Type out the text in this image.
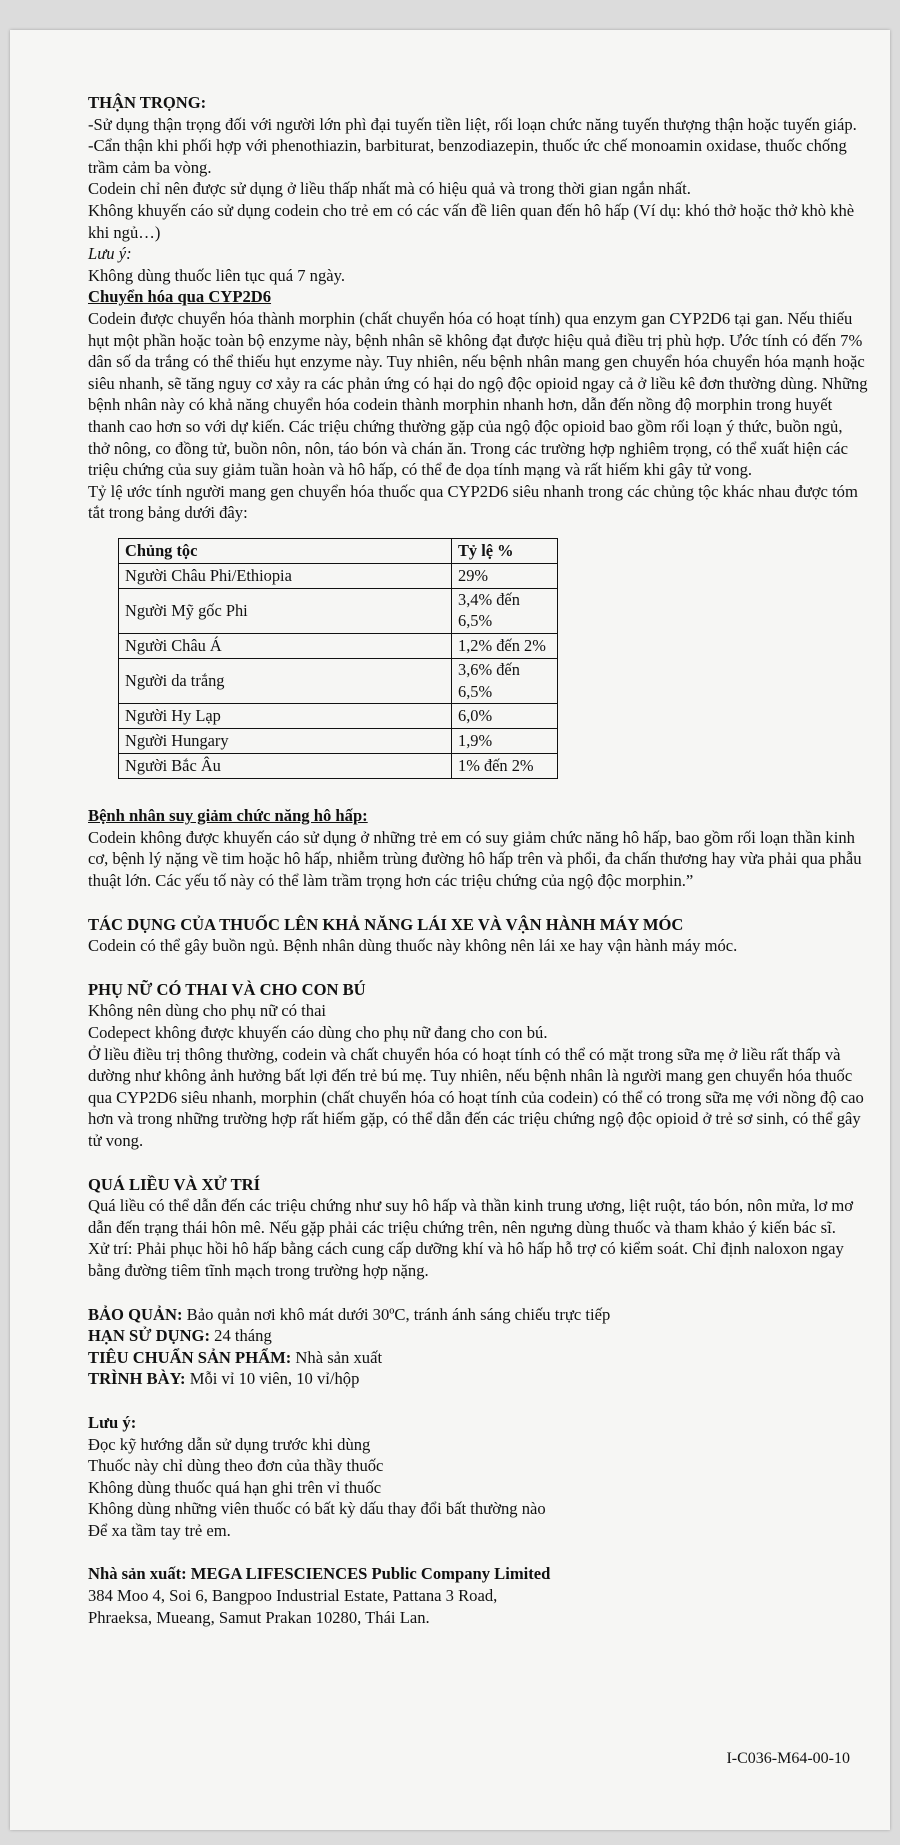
THẬN TRỌNG:
-Sử dụng thận trọng đối với người lớn phì đại tuyến tiền liệt, rối loạn chức năng tuyến thượng thận hoặc tuyến giáp.
-Cẩn thận khi phối hợp với phenothiazin, barbiturat, benzodiazepin, thuốc ức chế monoamin oxidase, thuốc chống trầm cảm ba vòng.
Codein chỉ nên được sử dụng ở liều thấp nhất mà có hiệu quả và trong thời gian ngắn nhất.
Không khuyến cáo sử dụng codein cho trẻ em có các vấn đề liên quan đến hô hấp (Ví dụ: khó thở hoặc thở khò khè khi ngủ…)
Lưu ý:
Không dùng thuốc liên tục quá 7 ngày.
Chuyển hóa qua CYP2D6
Codein được chuyển hóa thành morphin (chất chuyển hóa có hoạt tính) qua enzym gan CYP2D6 tại gan. Nếu thiếu hụt một phần hoặc toàn bộ enzyme này, bệnh nhân sẽ không đạt được hiệu quả điều trị phù hợp. Ước tính có đến 7% dân số da trắng có thể thiếu hụt enzyme này. Tuy nhiên, nếu bệnh nhân mang gen chuyển hóa chuyển hóa mạnh hoặc siêu nhanh, sẽ tăng nguy cơ xảy ra các phản ứng có hại do ngộ độc opioid ngay cả ở liều kê đơn thường dùng. Những bệnh nhân này có khả năng chuyển hóa codein thành morphin nhanh hơn, dẫn đến nồng độ morphin trong huyết thanh cao hơn so với dự kiến. Các triệu chứng thường gặp của ngộ độc opioid bao gồm rối loạn ý thức, buồn ngủ, thở nông, co đồng tử, buồn nôn, nôn, táo bón và chán ăn. Trong các trường hợp nghiêm trọng, có thể xuất hiện các triệu chứng của suy giảm tuần hoàn và hô hấp, có thể đe dọa tính mạng và rất hiếm khi gây tử vong.
Tỷ lệ ước tính người mang gen chuyển hóa thuốc qua CYP2D6 siêu nhanh trong các chủng tộc khác nhau được tóm tắt trong bảng dưới đây:
Chủng tộc	Tỷ lệ %
Người Châu Phi/Ethiopia	29%
Người Mỹ gốc Phi	3,4% đến 6,5%
Người Châu Á	1,2% đến 2%
Người da trắng	3,6% đến 6,5%
Người Hy Lạp	6,0%
Người Hungary	1,9%
Người Bắc Âu	1% đến 2%
Bệnh nhân suy giảm chức năng hô hấp:
Codein không được khuyến cáo sử dụng ở những trẻ em có suy giảm chức năng hô hấp, bao gồm rối loạn thần kinh cơ, bệnh lý nặng về tim hoặc hô hấp, nhiễm trùng đường hô hấp trên và phổi, đa chấn thương hay vừa phải qua phẫu thuật lớn. Các yếu tố này có thể làm trầm trọng hơn các triệu chứng của ngộ độc morphin.”
TÁC DỤNG CỦA THUỐC LÊN KHẢ NĂNG LÁI XE VÀ VẬN HÀNH MÁY MÓC
Codein có thể gây buồn ngủ. Bệnh nhân dùng thuốc này không nên lái xe hay vận hành máy móc.
PHỤ NỮ CÓ THAI VÀ CHO CON BÚ
Không nên dùng cho phụ nữ có thai
Codepect không được khuyến cáo dùng cho phụ nữ đang cho con bú.
Ở liều điều trị thông thường, codein và chất chuyển hóa có hoạt tính có thể có mặt trong sữa mẹ ở liều rất thấp và dường như không ảnh hưởng bất lợi đến trẻ bú mẹ. Tuy nhiên, nếu bệnh nhân là người mang gen chuyển hóa thuốc qua CYP2D6 siêu nhanh, morphin (chất chuyển hóa có hoạt tính của codein) có thể có trong sữa mẹ với nồng độ cao hơn và trong những trường hợp rất hiếm gặp, có thể dẫn đến các triệu chứng ngộ độc opioid ở trẻ sơ sinh, có thể gây tử vong.
QUÁ LIỀU VÀ XỬ TRÍ
Quá liều có thể dẫn đến các triệu chứng như suy hô hấp và thần kinh trung ương, liệt ruột, táo bón, nôn mửa, lơ mơ dẫn đến trạng thái hôn mê. Nếu gặp phải các triệu chứng trên, nên ngưng dùng thuốc và tham khảo ý kiến bác sĩ.
Xử trí: Phải phục hồi hô hấp bằng cách cung cấp dưỡng khí và hô hấp hỗ trợ có kiểm soát. Chỉ định naloxon ngay bằng đường tiêm tĩnh mạch trong trường hợp nặng.
BẢO QUẢN: Bảo quản nơi khô mát dưới 30ºC, tránh ánh sáng chiếu trực tiếp
HẠN SỬ DỤNG: 24 tháng
TIÊU CHUẨN SẢN PHẨM: Nhà sản xuất
TRÌNH BÀY: Mỗi vỉ 10 viên, 10 vỉ/hộp
Lưu ý:
Đọc kỹ hướng dẫn sử dụng trước khi dùng
Thuốc này chỉ dùng theo đơn của thầy thuốc
Không dùng thuốc quá hạn ghi trên vỉ thuốc
Không dùng những viên thuốc có bất kỳ dấu thay đổi bất thường nào
Để xa tầm tay trẻ em.
Nhà sản xuất: MEGA LIFESCIENCES Public Company Limited
384 Moo 4, Soi 6, Bangpoo Industrial Estate, Pattana 3 Road,
Phraeksa, Mueang, Samut Prakan 10280, Thái Lan.
I-C036-M64-00-10
